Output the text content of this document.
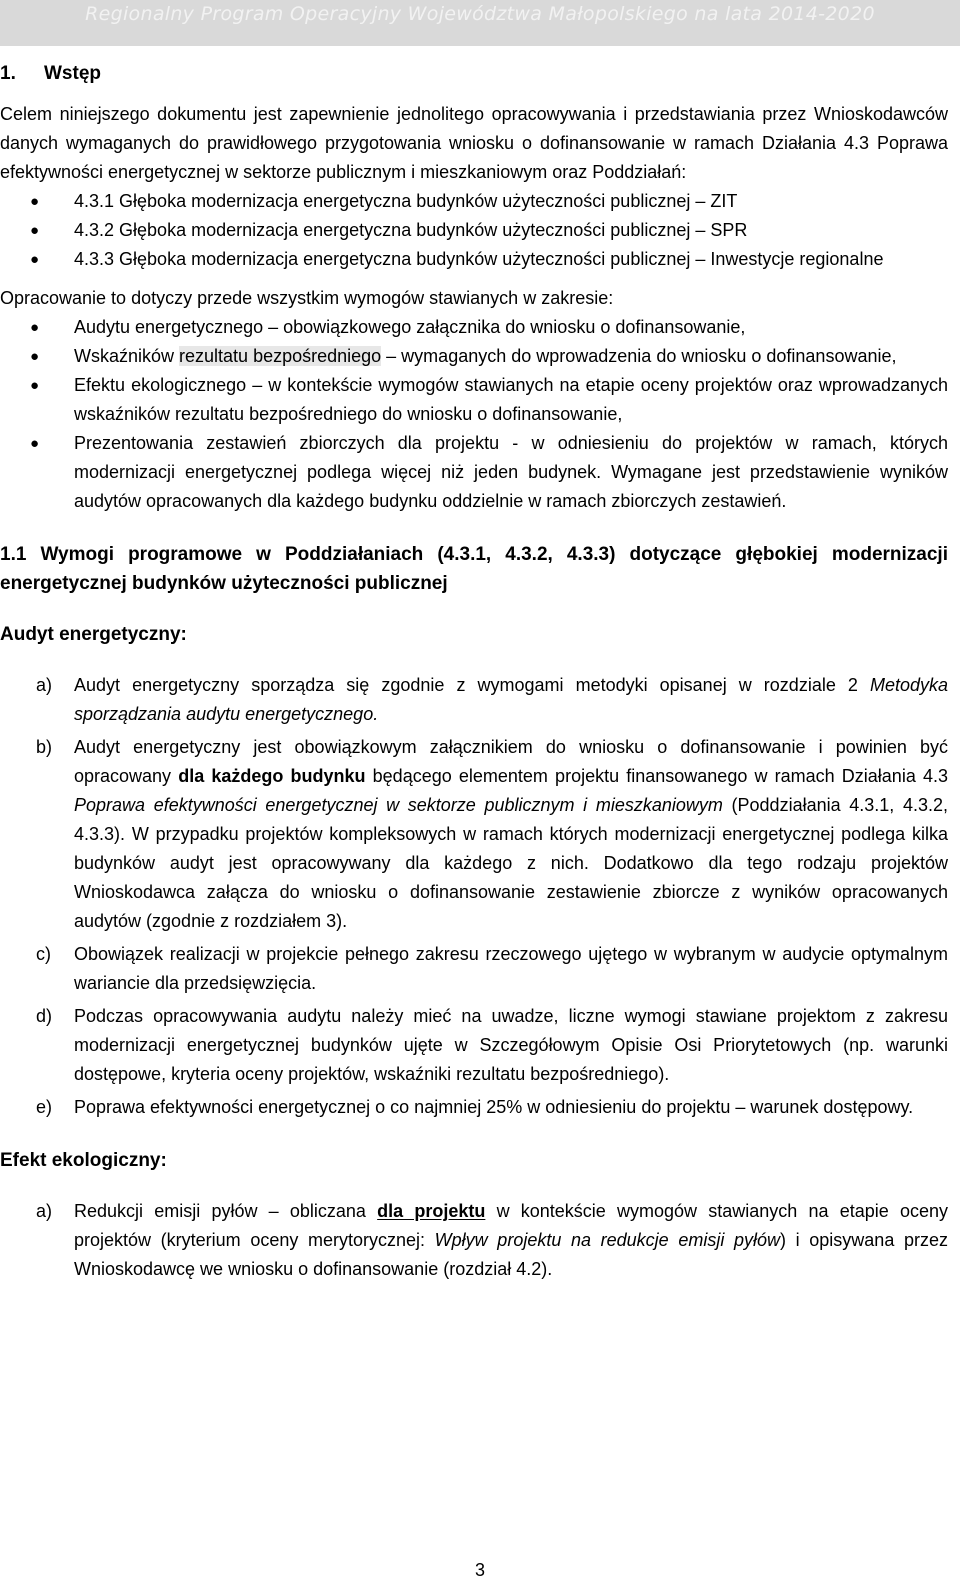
Regionalny Program Operacyjny Województwa Małopolskiego na lata 2014-2020
1. Wstęp

Celem niniejszego dokumentu jest zapewnienie jednolitego opracowywania i przedstawiania przez Wnioskodawców danych wymaganych do prawidłowego przygotowania wniosku o dofinansowanie w ramach Działania 4.3 Poprawa efektywności energetycznej w sektorze publicznym i mieszkaniowym oraz Poddziałań:

●	4.3.1 Głęboka modernizacja energetyczna budynków użyteczności publicznej – ZIT
●	4.3.2 Głęboka modernizacja energetyczna budynków użyteczności publicznej – SPR
●	4.3.3 Głęboka modernizacja energetyczna budynków użyteczności publicznej – Inwestycje regionalne

Opracowanie to dotyczy przede wszystkim wymogów stawianych w zakresie:

●	Audytu energetycznego – obowiązkowego załącznika do wniosku o dofinansowanie,
●	Wskaźników rezultatu bezpośredniego – wymaganych do wprowadzenia do wniosku o dofinansowanie,
●	Efektu ekologicznego – w kontekście wymogów stawianych na etapie oceny projektów oraz wprowadzanych wskaźników rezultatu bezpośredniego do wniosku o dofinansowanie,
●	Prezentowania zestawień zbiorczych dla projektu - w odniesieniu do projektów w ramach, których modernizacji energetycznej podlega więcej niż jeden budynek. Wymagane jest przedstawienie wyników audytów opracowanych dla każdego budynku oddzielnie w ramach zbiorczych zestawień.

1.1 Wymogi programowe w Poddziałaniach (4.3.1, 4.3.2, 4.3.3) dotyczące głębokiej modernizacji energetycznej budynków użyteczności publicznej

Audyt energetyczny:

a)	Audyt energetyczny sporządza się zgodnie z wymogami metodyki opisanej w rozdziale 2 Metodyka sporządzania audytu energetycznego.
b)	Audyt energetyczny jest obowiązkowym załącznikiem do wniosku o dofinansowanie i powinien być opracowany dla każdego budynku będącego elementem projektu finansowanego w ramach Działania 4.3 Poprawa efektywności energetycznej w sektorze publicznym i mieszkaniowym (Poddziałania 4.3.1, 4.3.2, 4.3.3). W przypadku projektów kompleksowych w ramach których modernizacji energetycznej podlega kilka budynków audyt jest opracowywany dla każdego z nich. Dodatkowo dla tego rodzaju projektów Wnioskodawca załącza do wniosku o dofinansowanie zestawienie zbiorcze z wyników opracowanych audytów (zgodnie z rozdziałem 3).
c)	Obowiązek realizacji w projekcie pełnego zakresu rzeczowego ujętego w wybranym w audycie optymalnym wariancie dla przedsięwzięcia.
d)	Podczas opracowywania audytu należy mieć na uwadze, liczne wymogi stawiane projektom z zakresu modernizacji energetycznej budynków ujęte w Szczegółowym Opisie Osi Priorytetowych (np. warunki dostępowe, kryteria oceny projektów, wskaźniki rezultatu bezpośredniego).
e)	Poprawa efektywności energetycznej o co najmniej 25% w odniesieniu do projektu – warunek dostępowy.

Efekt ekologiczny:

a)	Redukcji emisji pyłów – obliczana dla projektu w kontekście wymogów stawianych na etapie oceny projektów (kryterium oceny merytorycznej: Wpływ projektu na redukcje emisji pyłów) i opisywana przez Wnioskodawcę we wniosku o dofinansowanie (rozdział 4.2).
3
